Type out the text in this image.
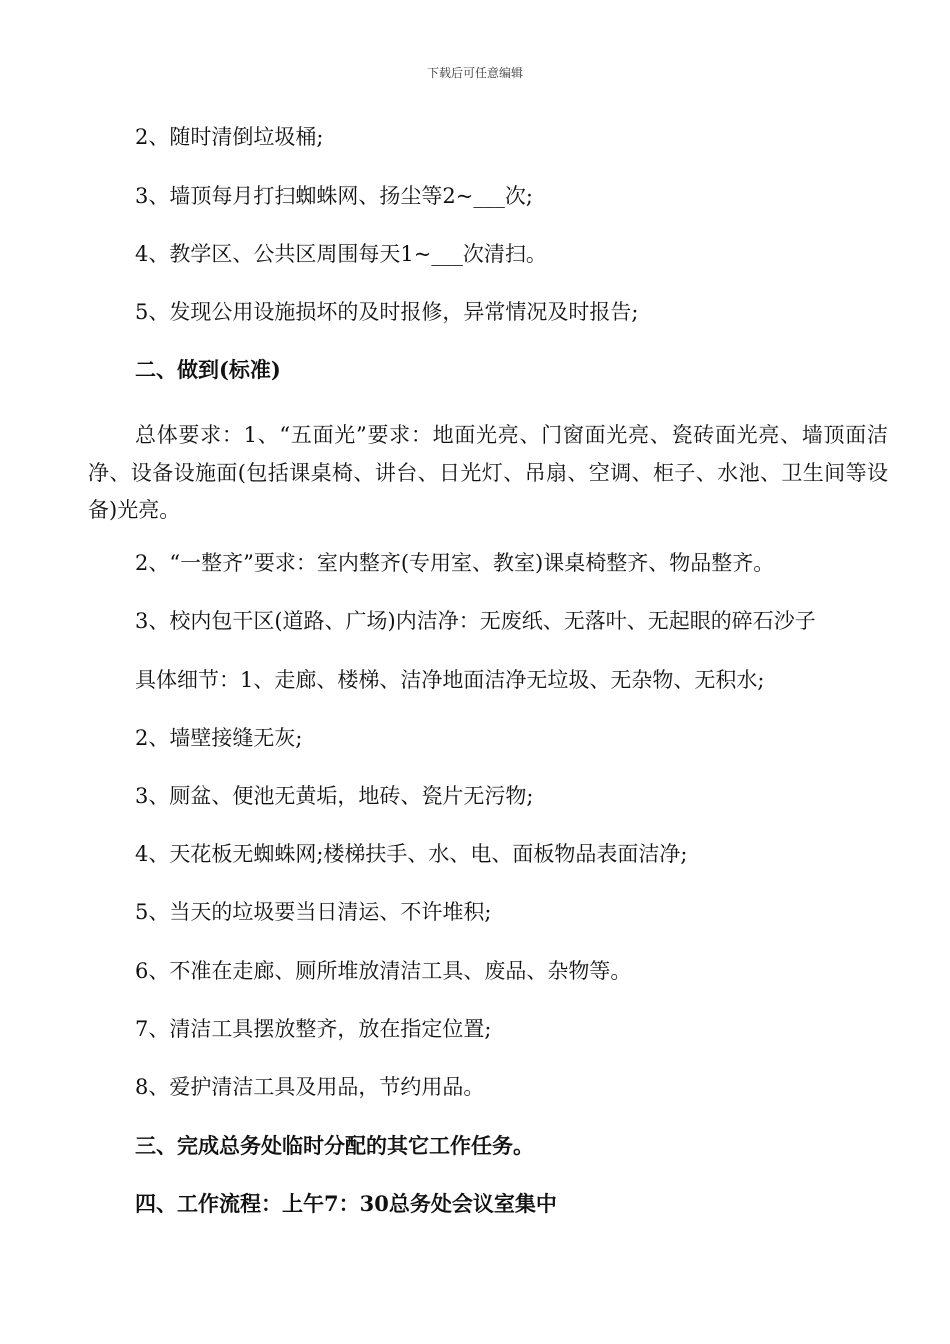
下载后可任意编辑
2、随时清倒垃圾桶;
3、墙顶每月打扫蜘蛛网、扬尘等2~___次;
4、教学区、公共区周围每天1~___次清扫。
5、发现公用设施损坏的及时报修，异常情况及时报告;
二、做到(标准)
总体要求：1、“五面光”要求：地面光亮、门窗面光亮、瓷砖面光亮、墙顶面洁净、设备设施面(包括课桌椅、讲台、日光灯、吊扇、空调、柜子、水池、卫生间等设备)光亮。
2、“一整齐”要求：室内整齐(专用室、教室)课桌椅整齐、物品整齐。
3、校内包干区(道路、广场)内洁净：无废纸、无落叶、无起眼的碎石沙子
具体细节：1、走廊、楼梯、洁净地面洁净无垃圾、无杂物、无积水;
2、墙壁接缝无灰;
3、厕盆、便池无黄垢，地砖、瓷片无污物;
4、天花板无蜘蛛网;楼梯扶手、水、电、面板物品表面洁净;
5、当天的垃圾要当日清运、不许堆积;
6、不准在走廊、厕所堆放清洁工具、废品、杂物等。
7、清洁工具摆放整齐，放在指定位置;
8、爱护清洁工具及用品，节约用品。
三、完成总务处临时分配的其它工作任务。
四、工作流程：上午7：30总务处会议室集中
